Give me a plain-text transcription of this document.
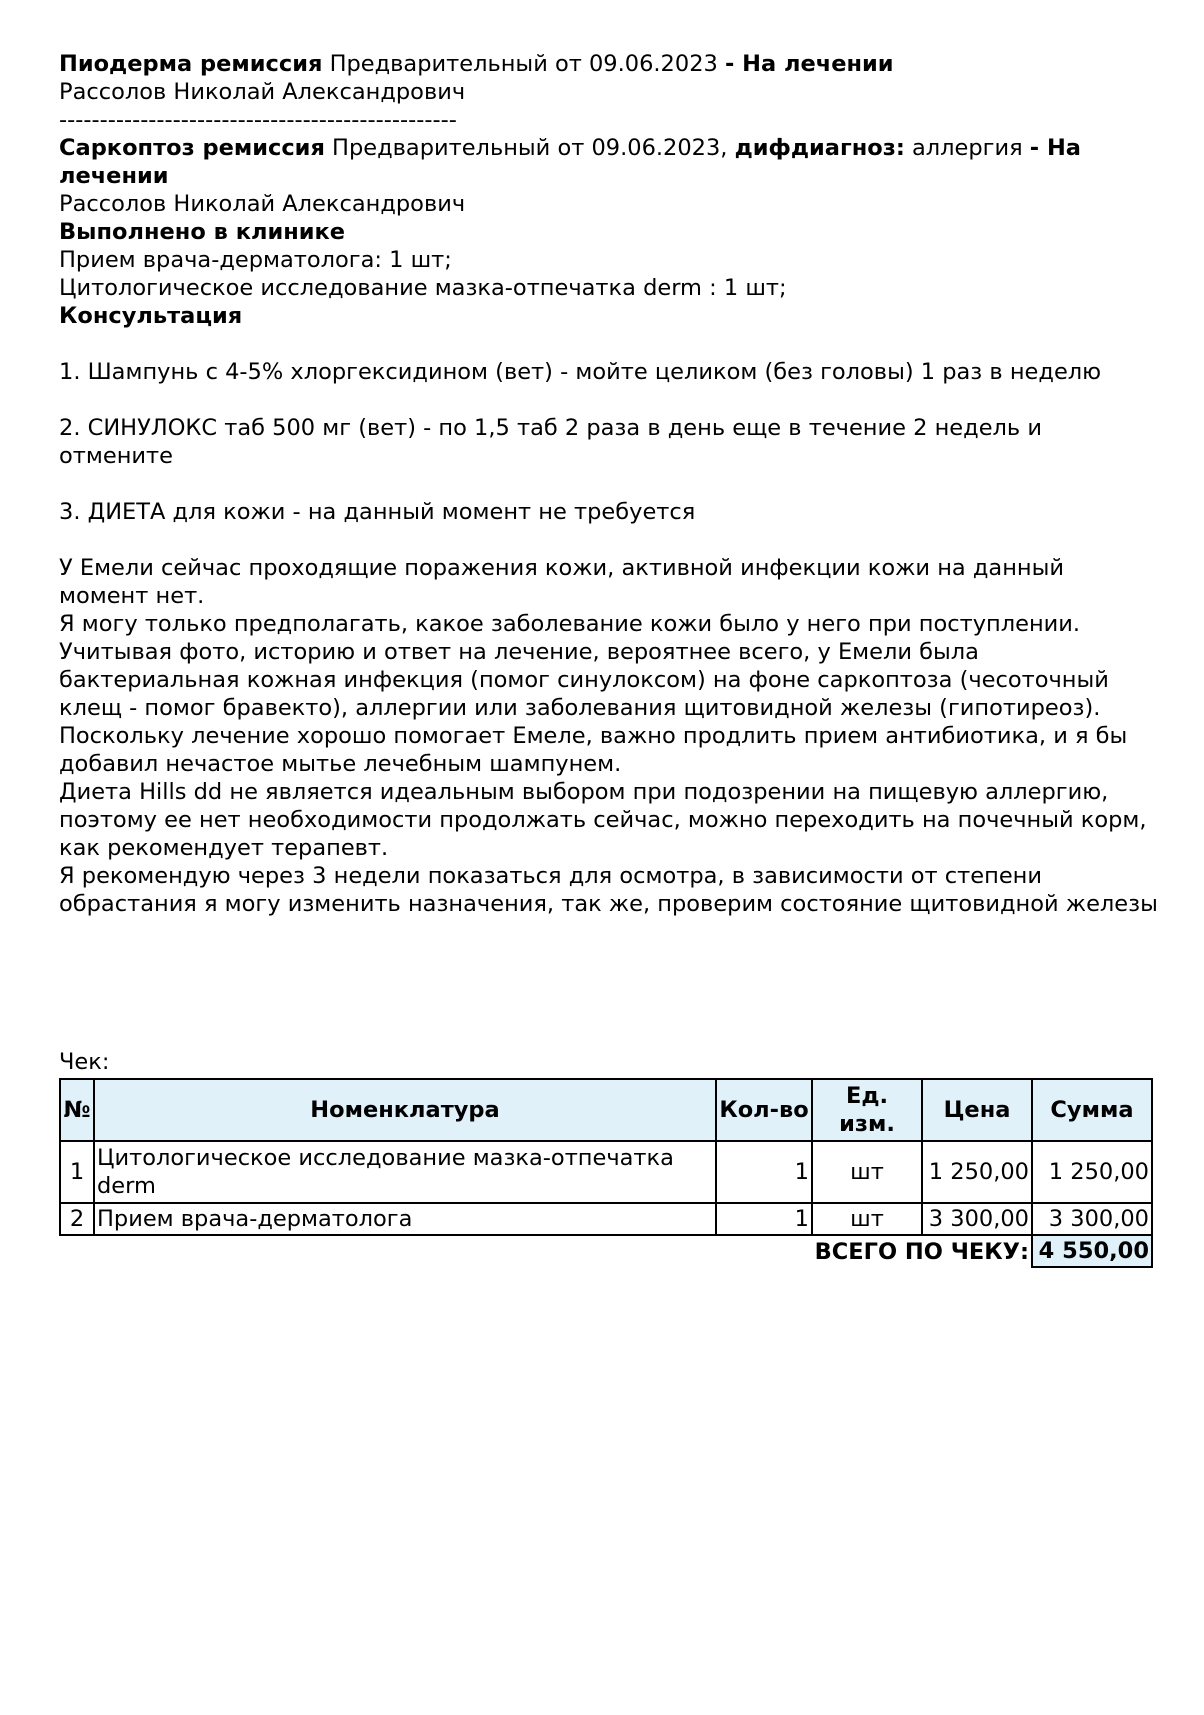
Пиодерма ремиссия Предварительный от 09.06.2023 - На лечении
Рассолов Николай Александрович
-------------------------------------------------
Саркоптоз ремиссия Предварительный от 09.06.2023, дифдиагноз: аллергия - На лечении
Рассолов Николай Александрович
Выполнено в клинике
Прием врача-дерматолога: 1 шт;
Цитологическое исследование мазка-отпечатка derm : 1 шт;
Консультация
1. Шампунь с 4-5% хлоргексидином (вет) - мойте целиком (без головы) 1 раз в неделю
2. СИНУЛОКС таб 500 мг (вет) - по 1,5 таб 2 раза в день еще в течение 2 недель и отмените
3. ДИЕТА для кожи - на данный момент не требуется
У Емели сейчас проходящие поражения кожи, активной инфекции кожи на данный момент нет.
Я могу только предполагать, какое заболевание кожи было у него при поступлении.
Учитывая фото, историю и ответ на лечение, вероятнее всего, у Емели была бактериальная кожная инфекция (помог синулоксом) на фоне саркоптоза (чесоточный клещ - помог бравекто), аллергии или заболевания щитовидной железы (гипотиреоз).
Поскольку лечение хорошо помогает Емеле, важно продлить прием антибиотика, и я бы добавил нечастое мытье лечебным шампунем.
Диета Hills dd не является идеальным выбором при подозрении на пищевую аллергию, поэтому ее нет необходимости продолжать сейчас, можно переходить на почечный корм, как рекомендует терапевт.
Я рекомендую через 3 недели показаться для осмотра, в зависимости от степени обрастания я могу изменить назначения, так же, проверим состояние щитовидной железы
Чек:
№	Номенклатура	Кол-во	Ед. изм.	Цена	Сумма
1	Цитологическое исследование мазка-отпечатка derm	1	шт	1 250,00	1 250,00
2	Прием врача-дерматолога	1	шт	3 300,00	3 300,00
ВСЕГО ПО ЧЕКУ:					4 550,00
